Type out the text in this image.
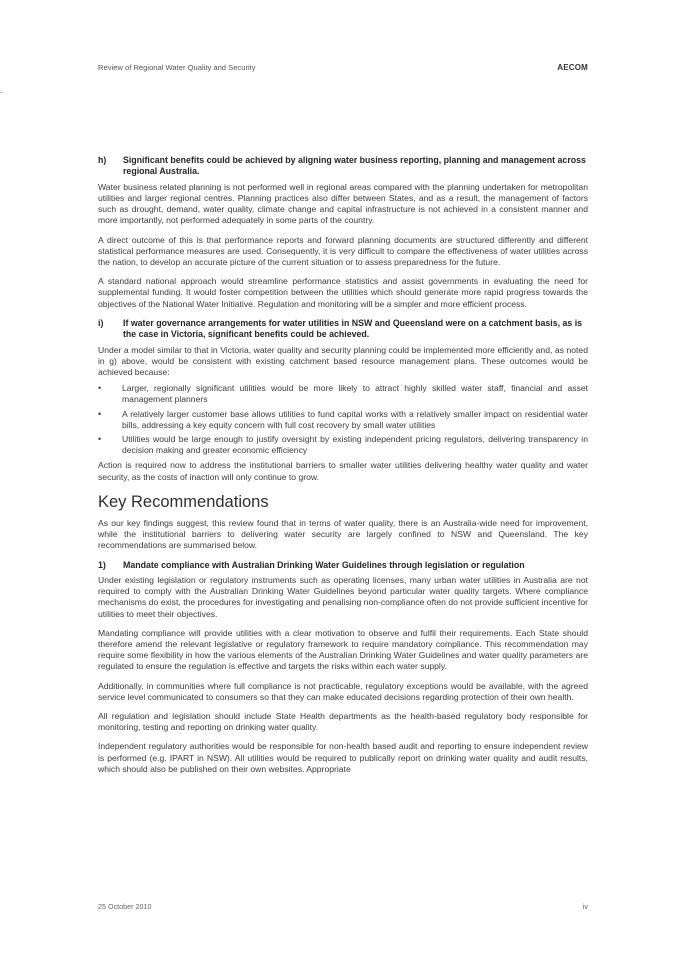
Review of Regional Water Quality and Security	AECOM
h)	Significant benefits could be achieved by aligning water business reporting, planning and management across regional Australia.

Water business related planning is not performed well in regional areas compared with the planning undertaken for metropolitan utilities and larger regional centres. Planning practices also differ between States, and as a result, the management of factors such as drought, demand, water quality, climate change and capital infrastructure is not achieved in a consistent manner and more importantly, not performed adequately in some parts of the country.

A direct outcome of this is that performance reports and forward planning documents are structured differently and different statistical performance measures are used. Consequently, it is very difficult to compare the effectiveness of water utilities across the nation, to develop an accurate picture of the current situation or to assess preparedness for the future.

A standard national approach would streamline performance statistics and assist governments in evaluating the need for supplemental funding. It would foster competition between the utilities which should generate more rapid progress towards the objectives of the National Water Initiative. Regulation and monitoring will be a simpler and more efficient process.

i)	If water governance arrangements for water utilities in NSW and Queensland were on a catchment basis, as is the case in Victoria, significant benefits could be achieved.

Under a model similar to that in Victoria, water quality and security planning could be implemented more efficiently and, as noted in g) above, would be consistent with existing catchment based resource management plans. These outcomes would be achieved because:

•	Larger, regionally significant utilities would be more likely to attract highly skilled water staff, financial and asset management planners
•	A relatively larger customer base allows utilities to fund capital works with a relatively smaller impact on residential water bills, addressing a key equity concern with full cost recovery by small water utilities
•	Utilities would be large enough to justify oversight by existing independent pricing regulators, delivering transparency in decision making and greater economic efficiency

Action is required now to address the institutional barriers to smaller water utilities delivering healthy water quality and water security, as the costs of inaction will only continue to grow.

Key Recommendations

As our key findings suggest, this review found that in terms of water quality, there is an Australia-wide need for improvement, while the institutional barriers to delivering water security are largely confined to NSW and Queensland. The key recommendations are summarised below.

1)	Mandate compliance with Australian Drinking Water Guidelines through legislation or regulation

Under existing legislation or regulatory instruments such as operating licenses, many urban water utilities in Australia are not required to comply with the Australian Drinking Water Guidelines beyond particular water quality targets. Where compliance mechanisms do exist, the procedures for investigating and penalising non-compliance often do not provide sufficient incentive for utilities to meet their objectives.

Mandating compliance will provide utilities with a clear motivation to observe and fulfil their requirements. Each State should therefore amend the relevant legislative or regulatory framework to require mandatory compliance. This recommendation may require some flexibility in how the various elements of the Australian Drinking Water Guidelines and water quality parameters are regulated to ensure the regulation is effective and targets the risks within each water supply.

Additionally, in communities where full compliance is not practicable, regulatory exceptions would be available, with the agreed service level communicated to consumers so that they can make educated decisions regarding protection of their own health.

All regulation and legislation should include State Health departments as the health-based regulatory body responsible for monitoring, testing and reporting on drinking water quality.

Independent regulatory authorities would be responsible for non-health based audit and reporting to ensure independent review is performed (e.g. IPART in NSW). All utilities would be required to publically report on drinking water quality and audit results, which should also be published on their own websites. Appropriate

25 October 2010	iv
